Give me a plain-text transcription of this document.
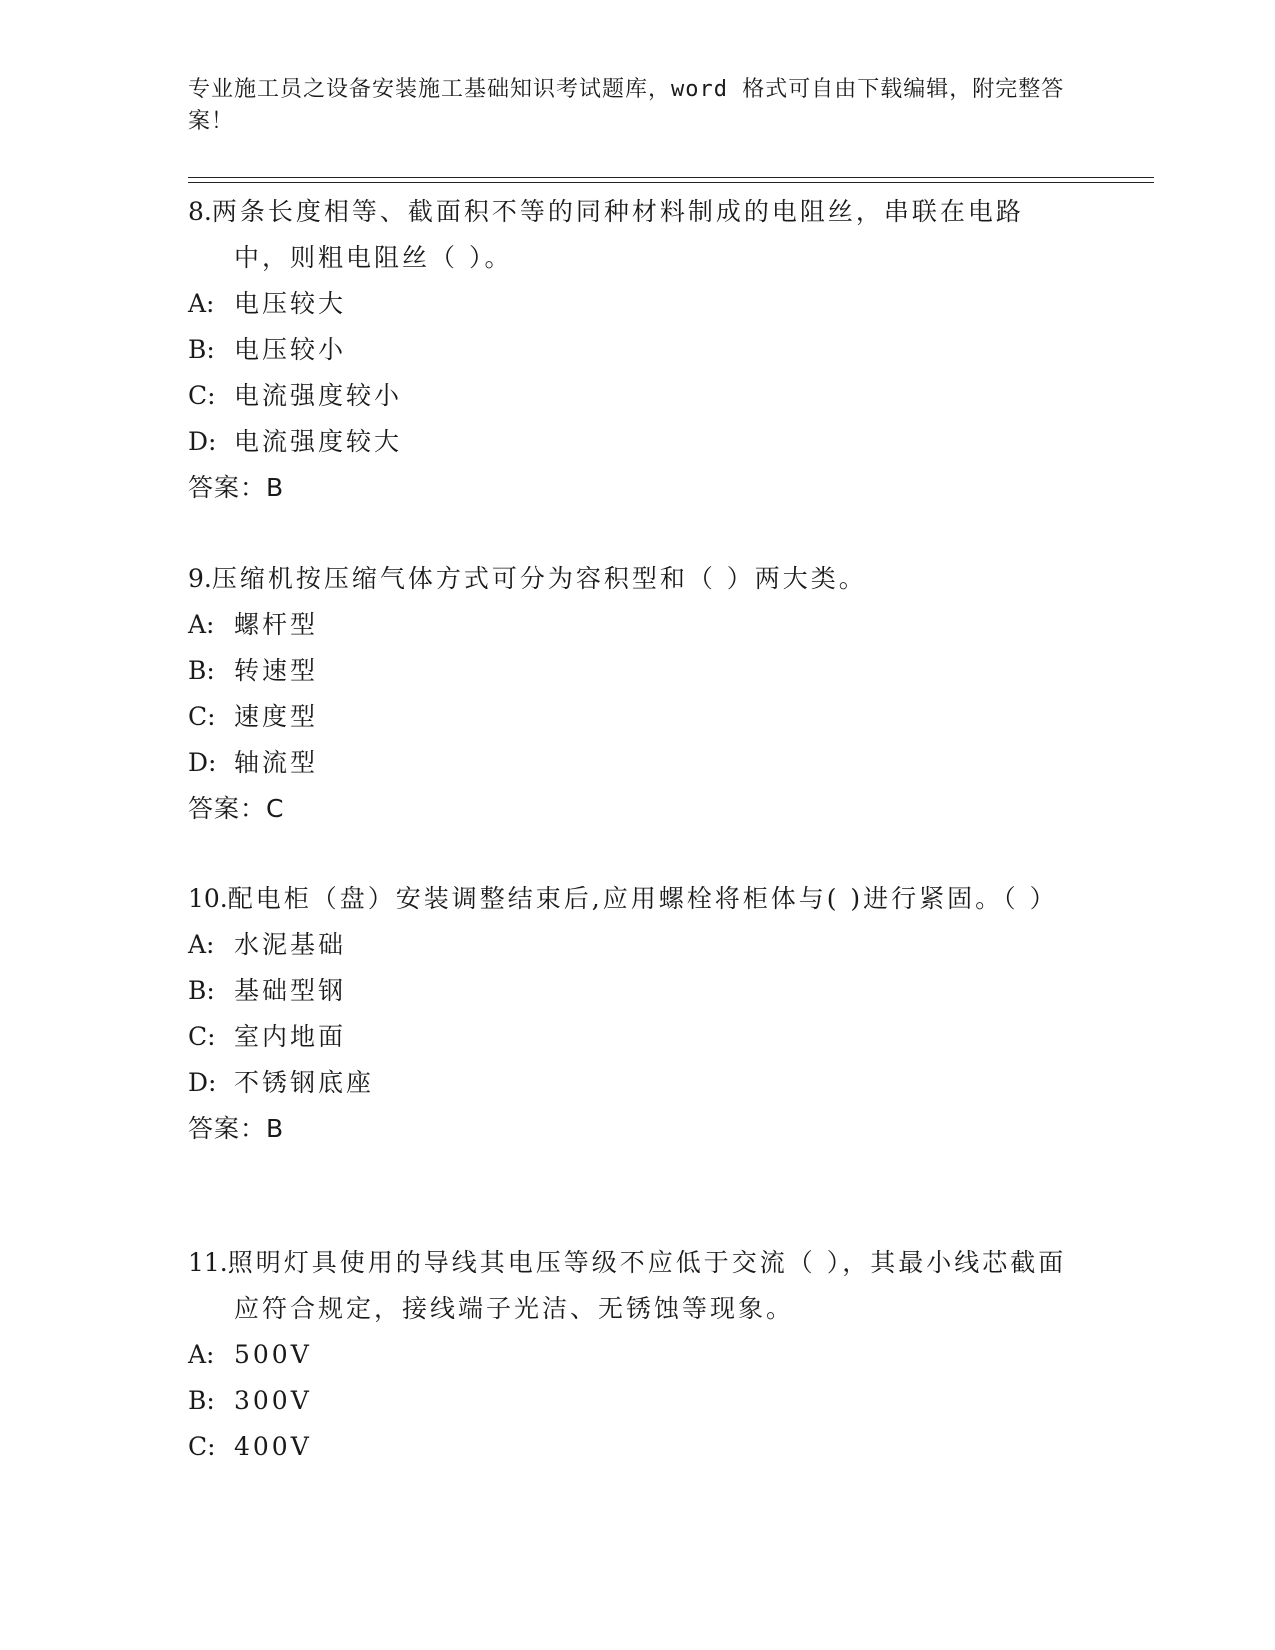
专业施工员之设备安装施工基础知识考试题库，word 格式可自由下载编辑，附完整答案！

8.两条长度相等、截面积不等的同种材料制成的电阻丝，串联在电路中，则粗电阻丝（ ）。

A: 电压较大

B: 电压较小

C: 电流强度较小

D: 电流强度较大

答案：B

9.压缩机按压缩气体方式可分为容积型和（ ）两大类。

A: 螺杆型

B: 转速型

C: 速度型

D: 轴流型

答案：C

10.配电柜（盘）安装调整结束后,应用螺栓将柜体与( )进行紧固。（ ）

A: 水泥基础

B: 基础型钢

C: 室内地面

D: 不锈钢底座

答案：B

11.照明灯具使用的导线其电压等级不应低于交流（ ），其最小线芯截面应符合规定，接线端子光洁、无锈蚀等现象。

A: 500V

B: 300V

C: 400V
